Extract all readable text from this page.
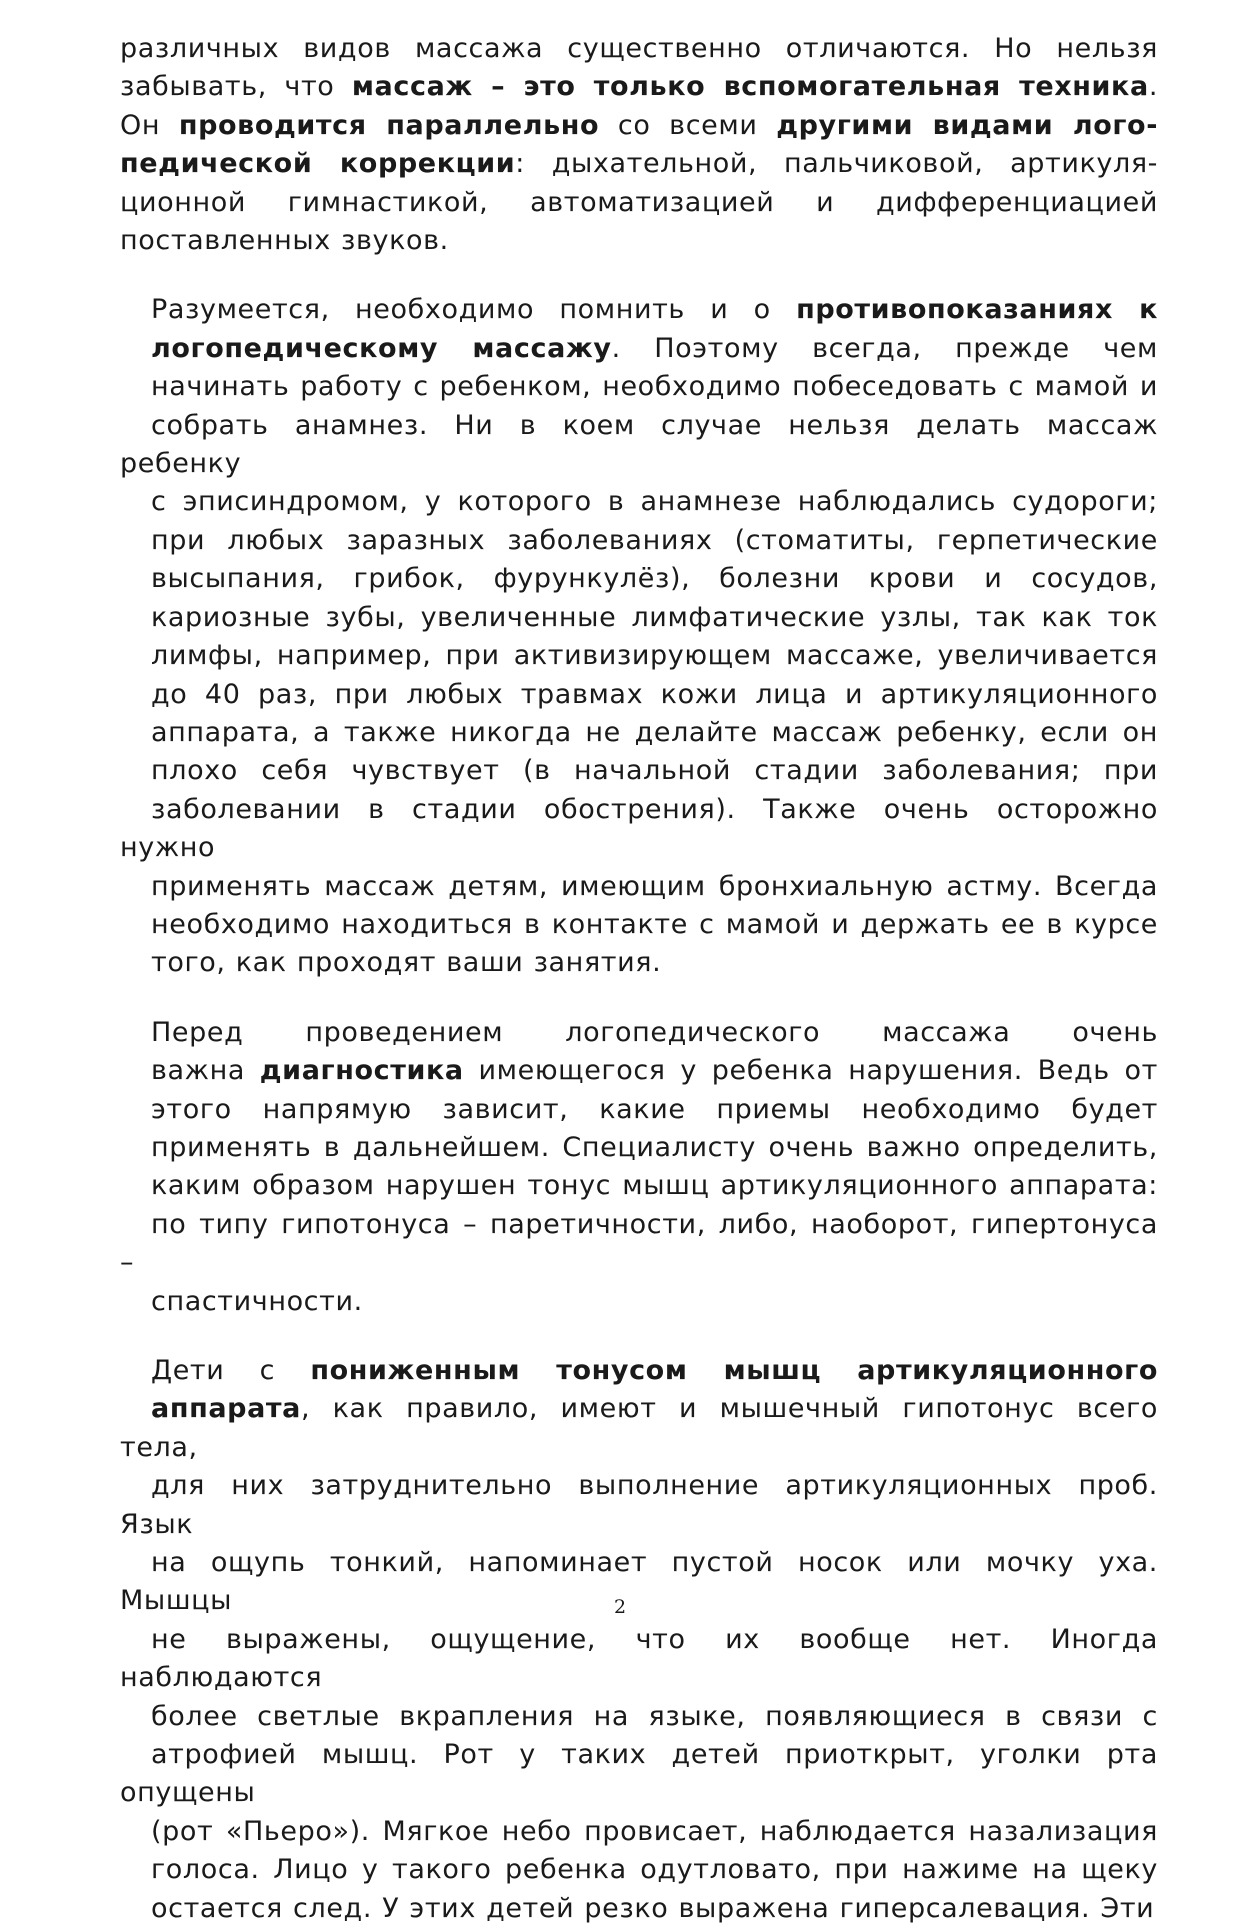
различных видов массажа существенно отличаются. Но нельзя
забывать, что массаж – это только вспомогательная техника.
Он проводится параллельно со всеми другими видами лого-
педической коррекции: дыхательной, пальчиковой, артикуля-
ционной гимнастикой, автоматизацией и дифференциацией
поставленных звуков.
Разумеется, необходимо помнить и о противопоказаниях к
логопедическому массажу. Поэтому всегда, прежде чем
начинать работу с ребенком, необходимо побеседовать с мамой и
собрать анамнез. Ни в коем случае нельзя делать массаж ребенку
с эписиндромом, у которого в анамнезе наблюдались судороги;
при любых заразных заболеваниях (стоматиты, герпетические
высыпания, грибок, фурункулёз), болезни крови и сосудов,
кариозные зубы, увеличенные лимфатические узлы, так как ток
лимфы, например, при активизирующем массаже, увеличивается
до 40 раз, при любых травмах кожи лица и артикуляционного
аппарата, а также никогда не делайте массаж ребенку, если он
плохо себя чувствует (в начальной стадии заболевания; при
заболевании в стадии обострения). Также очень осторожно нужно
применять массаж детям, имеющим бронхиальную астму. Всегда
необходимо находиться в контакте с мамой и держать ее в курсе
того, как проходят ваши занятия.
Перед проведением логопедического массажа очень
важна диагностика имеющегося у ребенка нарушения. Ведь от
этого напрямую зависит, какие приемы необходимо будет
применять в дальнейшем. Специалисту очень важно определить,
каким образом нарушен тонус мышц артикуляционного аппарата:
по типу гипотонуса – паретичности, либо, наоборот, гипертонуса –
спастичности.
Дети с пониженным тонусом мышц артикуляционного
аппарата, как правило, имеют и мышечный гипотонус всего тела,
для них затруднительно выполнение артикуляционных проб. Язык
на ощупь тонкий, напоминает пустой носок или мочку уха. Мышцы
не выражены, ощущение, что их вообще нет. Иногда наблюдаются
более светлые вкрапления на языке, появляющиеся в связи с
атрофией мышц. Рот у таких детей приоткрыт, уголки рта опущены
(рот «Пьеро»). Мягкое небо провисает, наблюдается назализация
голоса. Лицо у такого ребенка одутловато, при нажиме на щеку
остается след. У этих детей резко выражена гиперсалевация. Эти
2
